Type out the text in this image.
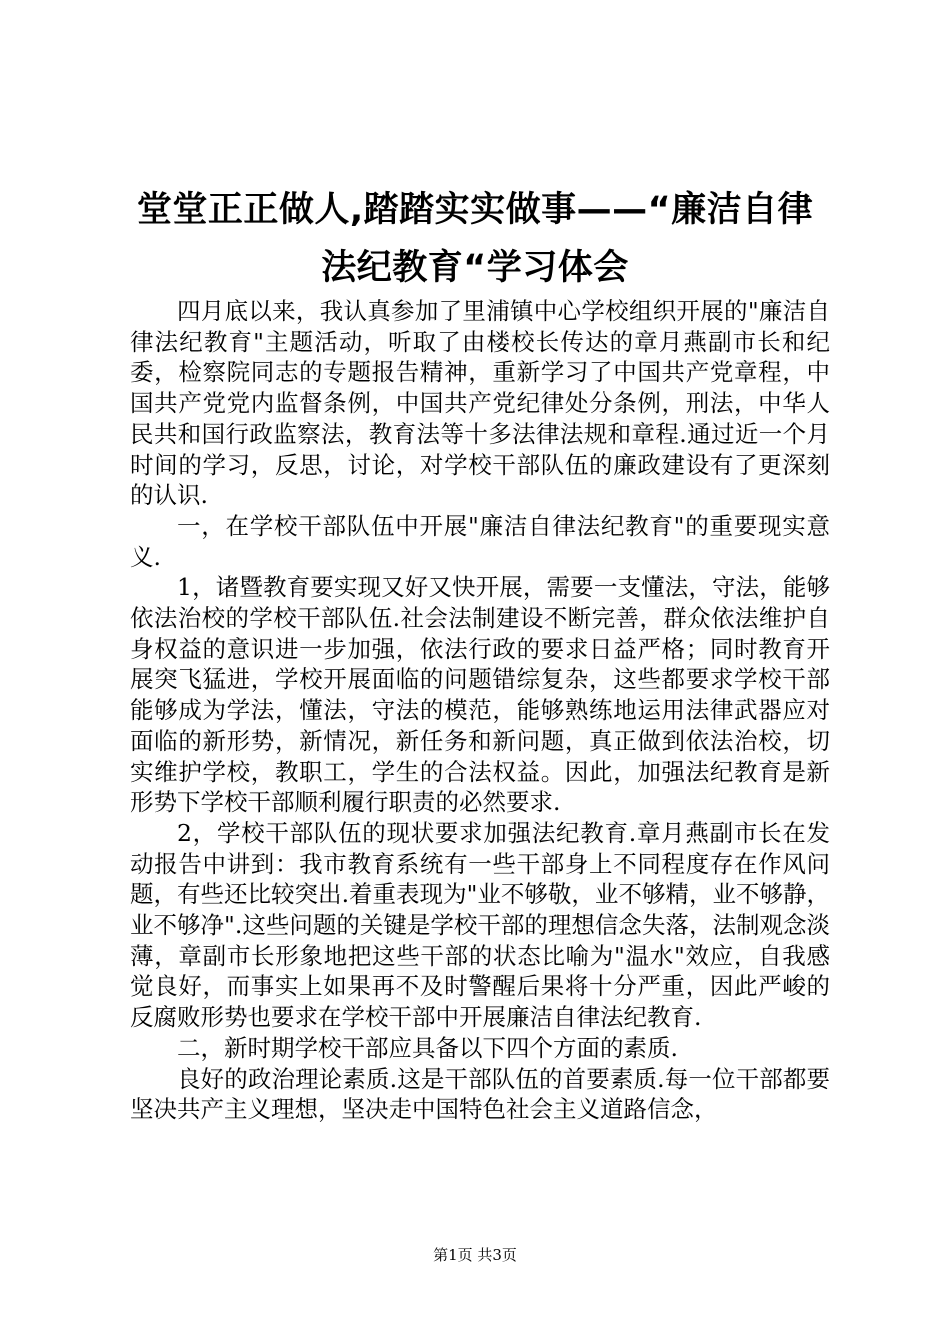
堂堂正正做人,踏踏实实做事——“廉洁自律
法纪教育“学习体会

四月底以来，我认真参加了里浦镇中心学校组织开展的"廉洁自律法纪教育"主题活动，听取了由楼校长传达的章月燕副市长和纪委，检察院同志的专题报告精神，重新学习了中国共产党章程，中国共产党党内监督条例，中国共产党纪律处分条例，刑法，中华人民共和国行政监察法，教育法等十多法律法规和章程.通过近一个月时间的学习，反思，讨论，对学校干部队伍的廉政建设有了更深刻的认识.

一，在学校干部队伍中开展"廉洁自律法纪教育"的重要现实意义.

1，诸暨教育要实现又好又快开展，需要一支懂法，守法，能够依法治校的学校干部队伍.社会法制建设不断完善，群众依法维护自身权益的意识进一步加强，依法行政的要求日益严格；同时教育开展突飞猛进，学校开展面临的问题错综复杂，这些都要求学校干部能够成为学法，懂法，守法的模范，能够熟练地运用法律武器应对面临的新形势，新情况，新任务和新问题，真正做到依法治校，切实维护学校，教职工，学生的合法权益。因此，加强法纪教育是新形势下学校干部顺利履行职责的必然要求.

2，学校干部队伍的现状要求加强法纪教育.章月燕副市长在发动报告中讲到：我市教育系统有一些干部身上不同程度存在作风问题，有些还比较突出.着重表现为"业不够敬，业不够精，业不够静，业不够净".这些问题的关键是学校干部的理想信念失落，法制观念淡薄，章副市长形象地把这些干部的状态比喻为"温水"效应，自我感觉良好，而事实上如果再不及时警醒后果将十分严重，因此严峻的反腐败形势也要求在学校干部中开展廉洁自律法纪教育.

二，新时期学校干部应具备以下四个方面的素质.

良好的政治理论素质.这是干部队伍的首要素质.每一位干部都要坚决共产主义理想，坚决走中国特色社会主义道路信念，

第1页 共3页
